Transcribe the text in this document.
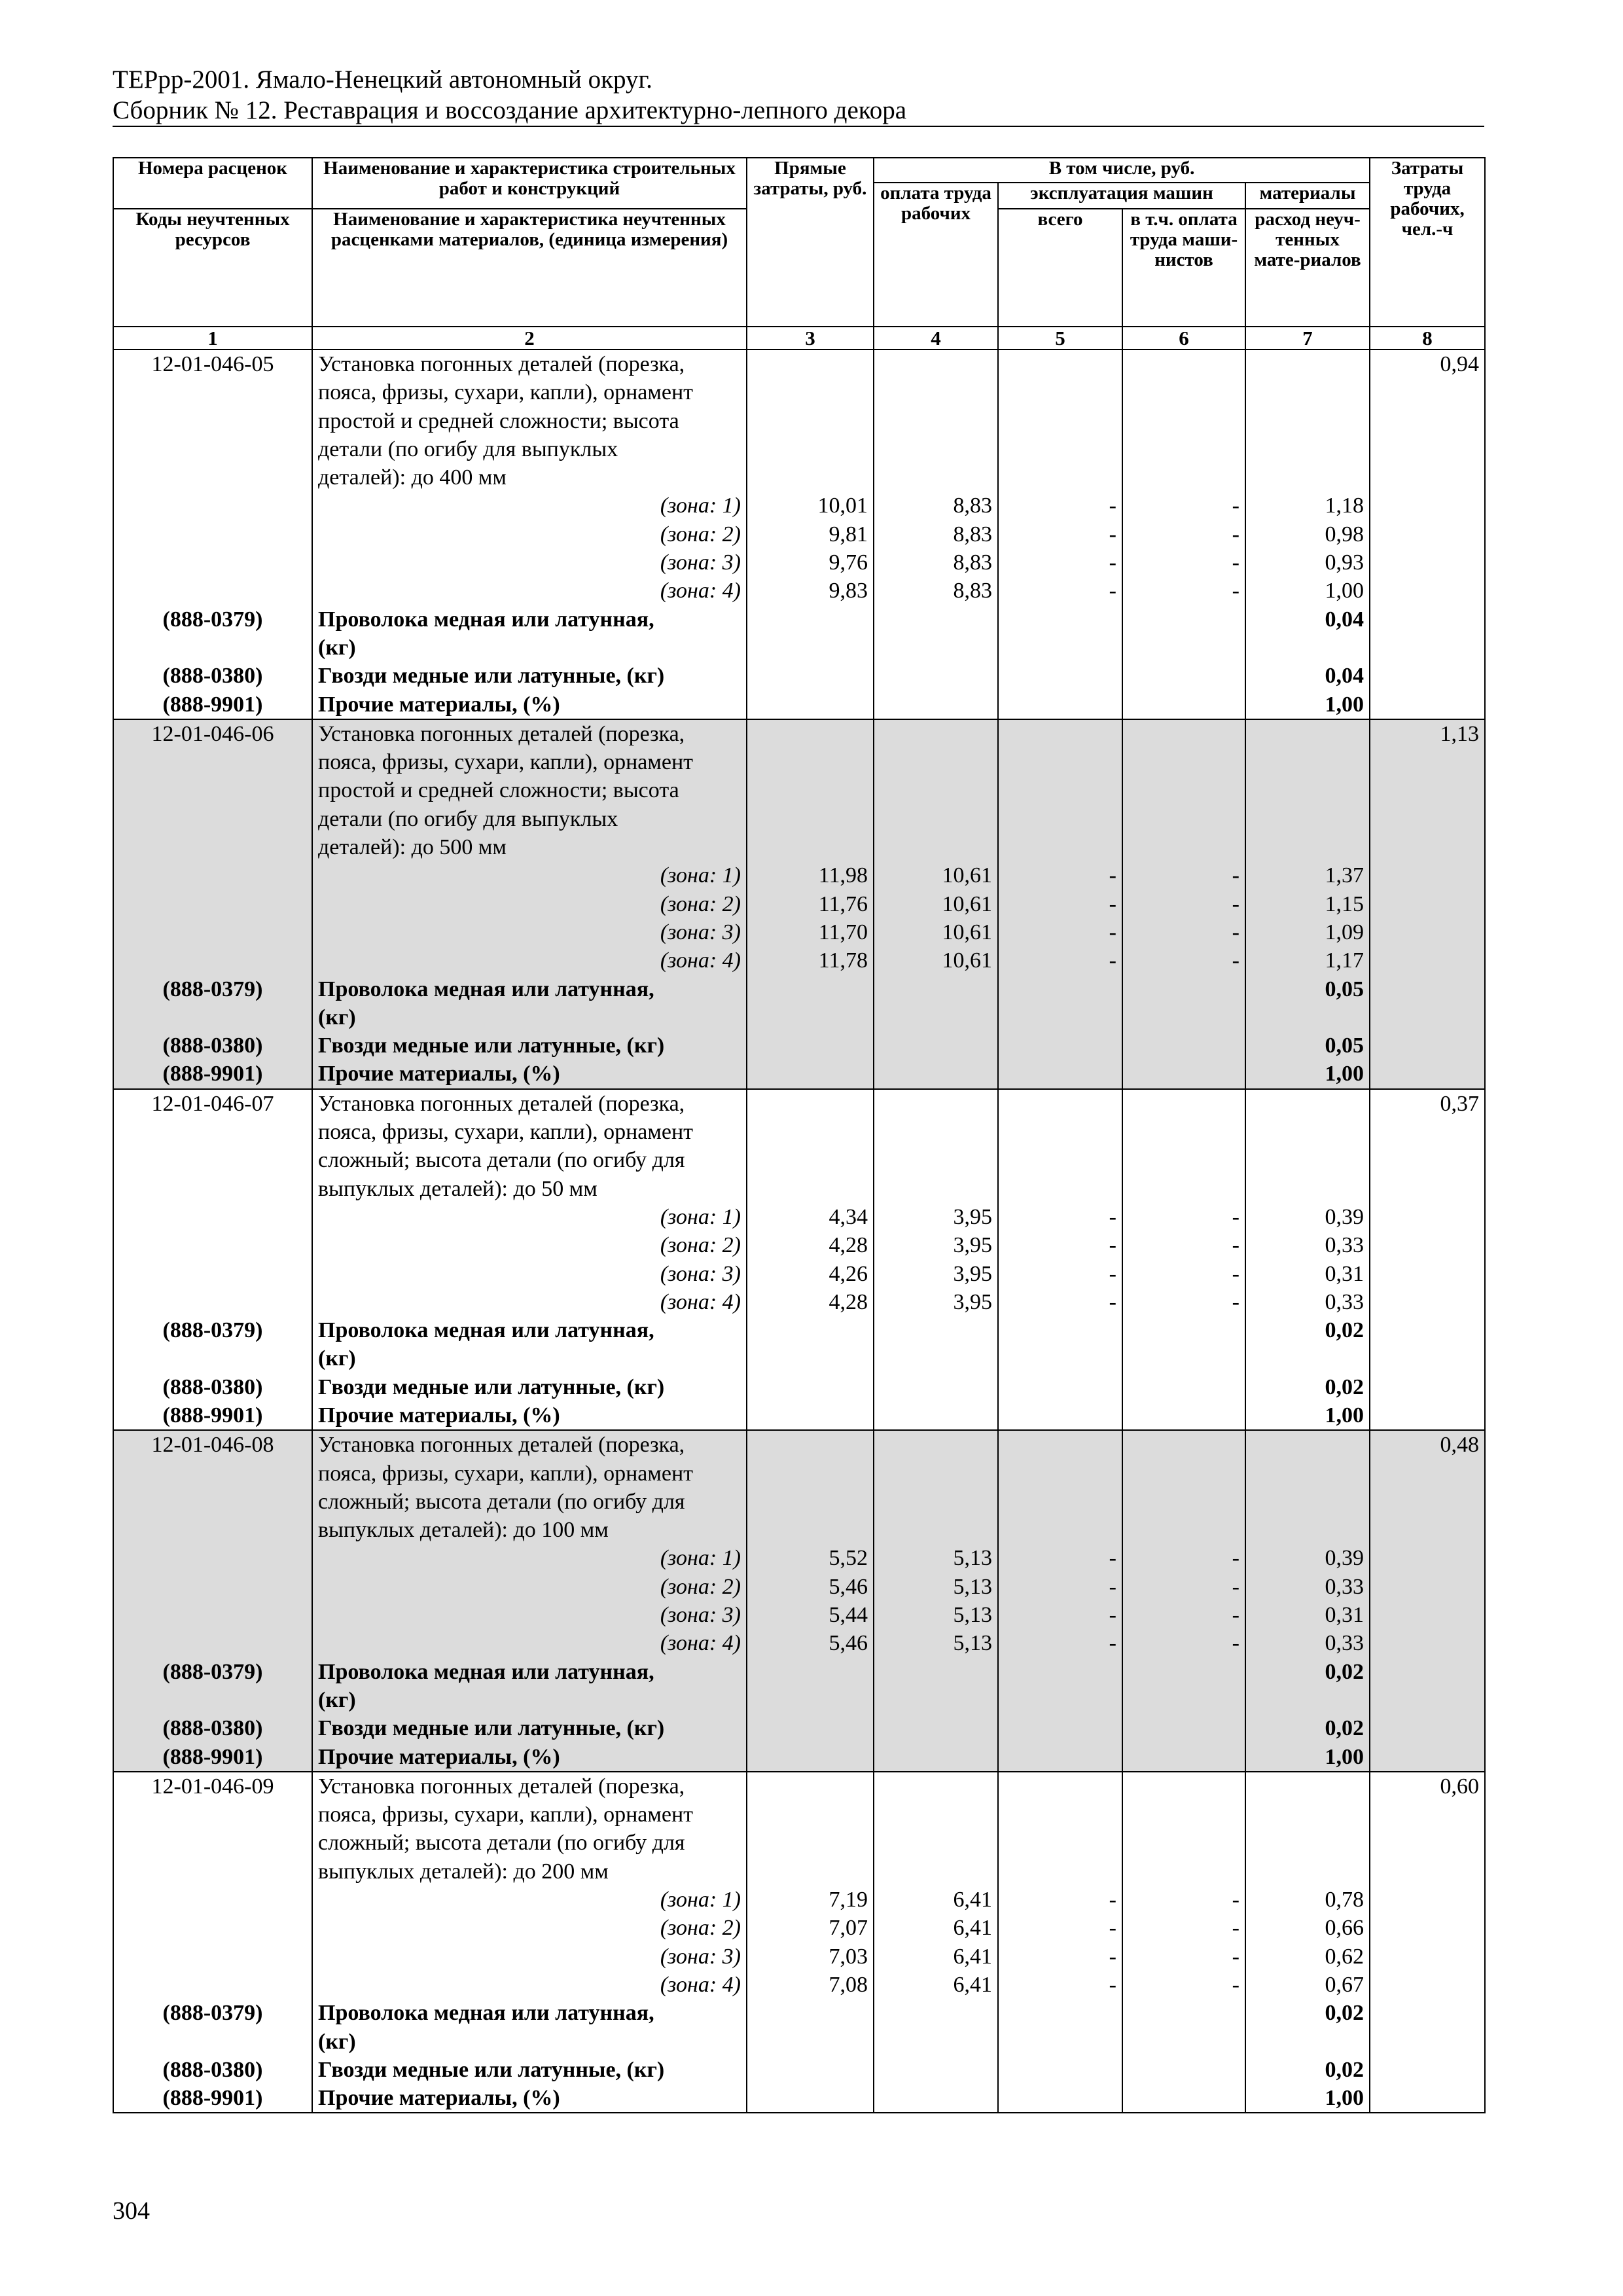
ТЕРрр-2001. Ямало-Ненецкий автономный округ.
Сборник № 12. Реставрация и воссоздание архитектурно-лепного декора
Номера расценок	Наименование и характеристика строительных работ и конструкций	Прямые затраты, руб.	В том числе, руб.				Затраты труда рабочих, чел.-ч
			оплата труда рабочих	эксплуатация машин		материалы	
Коды неучтенных ресурсов	Наименование и характеристика неучтенных расценками материалов, (единица измерения)			всего	в т.ч. оплата труда маши-нистов	расход неуч-тенных мате-риалов	

1	2	3	4	5	6	7	8
12-01-046-05	Установка погонных деталей (порезка,						0,94
	пояса, фризы, сухари, капли), орнамент						
	простой и средней сложности; высота						
	детали (по огибу для выпуклых						
	деталей): до 400 мм						
	(зона: 1)	10,01	8,83	-	-	1,18	
	(зона: 2)	9,81	8,83	-	-	0,98	
	(зона: 3)	9,76	8,83	-	-	0,93	
	(зона: 4)	9,83	8,83	-	-	1,00	
(888-0379)	Проволока медная или латунная,					0,04	
	(кг)						
(888-0380)	Гвозди медные или латунные, (кг)					0,04	
(888-9901)	Прочие материалы, (%)					1,00	
12-01-046-06	Установка погонных деталей (порезка,						1,13
	пояса, фризы, сухари, капли), орнамент						
	простой и средней сложности; высота						
	детали (по огибу для выпуклых						
	деталей): до 500 мм						
	(зона: 1)	11,98	10,61	-	-	1,37	
	(зона: 2)	11,76	10,61	-	-	1,15	
	(зона: 3)	11,70	10,61	-	-	1,09	
	(зона: 4)	11,78	10,61	-	-	1,17	
(888-0379)	Проволока медная или латунная,					0,05	
	(кг)						
(888-0380)	Гвозди медные или латунные, (кг)					0,05	
(888-9901)	Прочие материалы, (%)					1,00	
12-01-046-07	Установка погонных деталей (порезка,						0,37
	пояса, фризы, сухари, капли), орнамент						
	сложный; высота детали (по огибу для						
	выпуклых деталей): до 50 мм						
	(зона: 1)	4,34	3,95	-	-	0,39	
	(зона: 2)	4,28	3,95	-	-	0,33	
	(зона: 3)	4,26	3,95	-	-	0,31	
	(зона: 4)	4,28	3,95	-	-	0,33	
(888-0379)	Проволока медная или латунная,					0,02	
	(кг)						
(888-0380)	Гвозди медные или латунные, (кг)					0,02	
(888-9901)	Прочие материалы, (%)					1,00	
12-01-046-08	Установка погонных деталей (порезка,						0,48
	пояса, фризы, сухари, капли), орнамент						
	сложный; высота детали (по огибу для						
	выпуклых деталей): до 100 мм						
	(зона: 1)	5,52	5,13	-	-	0,39	
	(зона: 2)	5,46	5,13	-	-	0,33	
	(зона: 3)	5,44	5,13	-	-	0,31	
	(зона: 4)	5,46	5,13	-	-	0,33	
(888-0379)	Проволока медная или латунная,					0,02	
	(кг)						
(888-0380)	Гвозди медные или латунные, (кг)					0,02	
(888-9901)	Прочие материалы, (%)					1,00	
12-01-046-09	Установка погонных деталей (порезка,						0,60
	пояса, фризы, сухари, капли), орнамент						
	сложный; высота детали (по огибу для						
	выпуклых деталей): до 200 мм						
	(зона: 1)	7,19	6,41	-	-	0,78	
	(зона: 2)	7,07	6,41	-	-	0,66	
	(зона: 3)	7,03	6,41	-	-	0,62	
	(зона: 4)	7,08	6,41	-	-	0,67	
(888-0379)	Проволока медная или латунная,					0,02	
	(кг)						
(888-0380)	Гвозди медные или латунные, (кг)					0,02	
(888-9901)	Прочие материалы, (%)					1,00	
304
